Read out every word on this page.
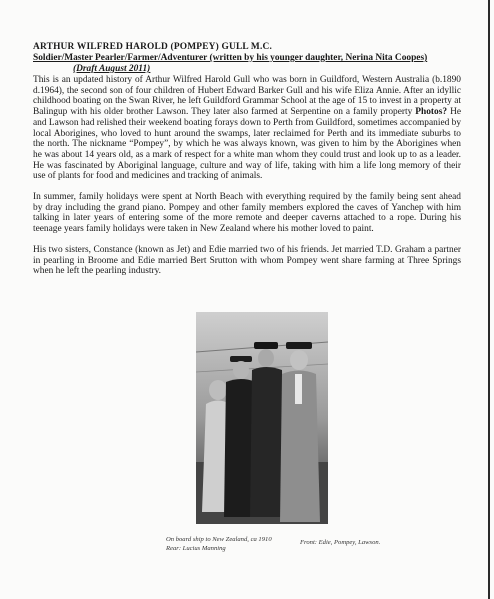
ARTHUR WILFRED HAROLD (POMPEY) GULL M.C.

Soldier/Master Pearler/Farmer/Adventurer (written by his younger daughter, Nerina Nita Coopes)(Draft August 2011)

This is an updated history of Arthur Wilfred Harold Gull who was born in Guildford, Western Australia (b.1890 d.1964), the second son of four children of Hubert Edward Barker Gull and his wife Eliza Annie. After an idyllic childhood boating on the Swan River, he left Guildford Grammar School at the age of 15 to invest in a property at Balingup with his older brother Lawson. They later also farmed at Serpentine on a family property Photos? He and Lawson had relished their weekend boating forays down to Perth from Guildford, sometimes accompanied by local Aborigines, who loved to hunt around the swamps, later reclaimed for Perth and its immediate suburbs to the north. The nickname “Pompey”, by which he was always known, was given to him by the Aborigines when he was about 14 years old, as a mark of respect for a white man whom they could trust and look up to as a leader. He was fascinated by Aboriginal language, culture and way of life, taking with him a life long memory of their use of plants for food and medicines and tracking of animals.

In summer, family holidays were spent at North Beach with everything required by the family being sent ahead by dray including the grand piano. Pompey and other family members explored the caves of Yanchep with him talking in later years of entering some of the more remote and deeper caverns attached to a rope. During his teenage years family holidays were taken in New Zealand where his mother loved to paint.

His two sisters, Constance (known as Jet) and Edie married two of his friends. Jet married T.D. Graham a partner in pearling in Broome and Edie married Bert Srutton with whom Pompey went share farming at Three Springs when he left the pearling industry.

On board ship to New Zealand, ca 1910
Rear: Lucius Manning
Front: Edie, Pompey, Lawson.
